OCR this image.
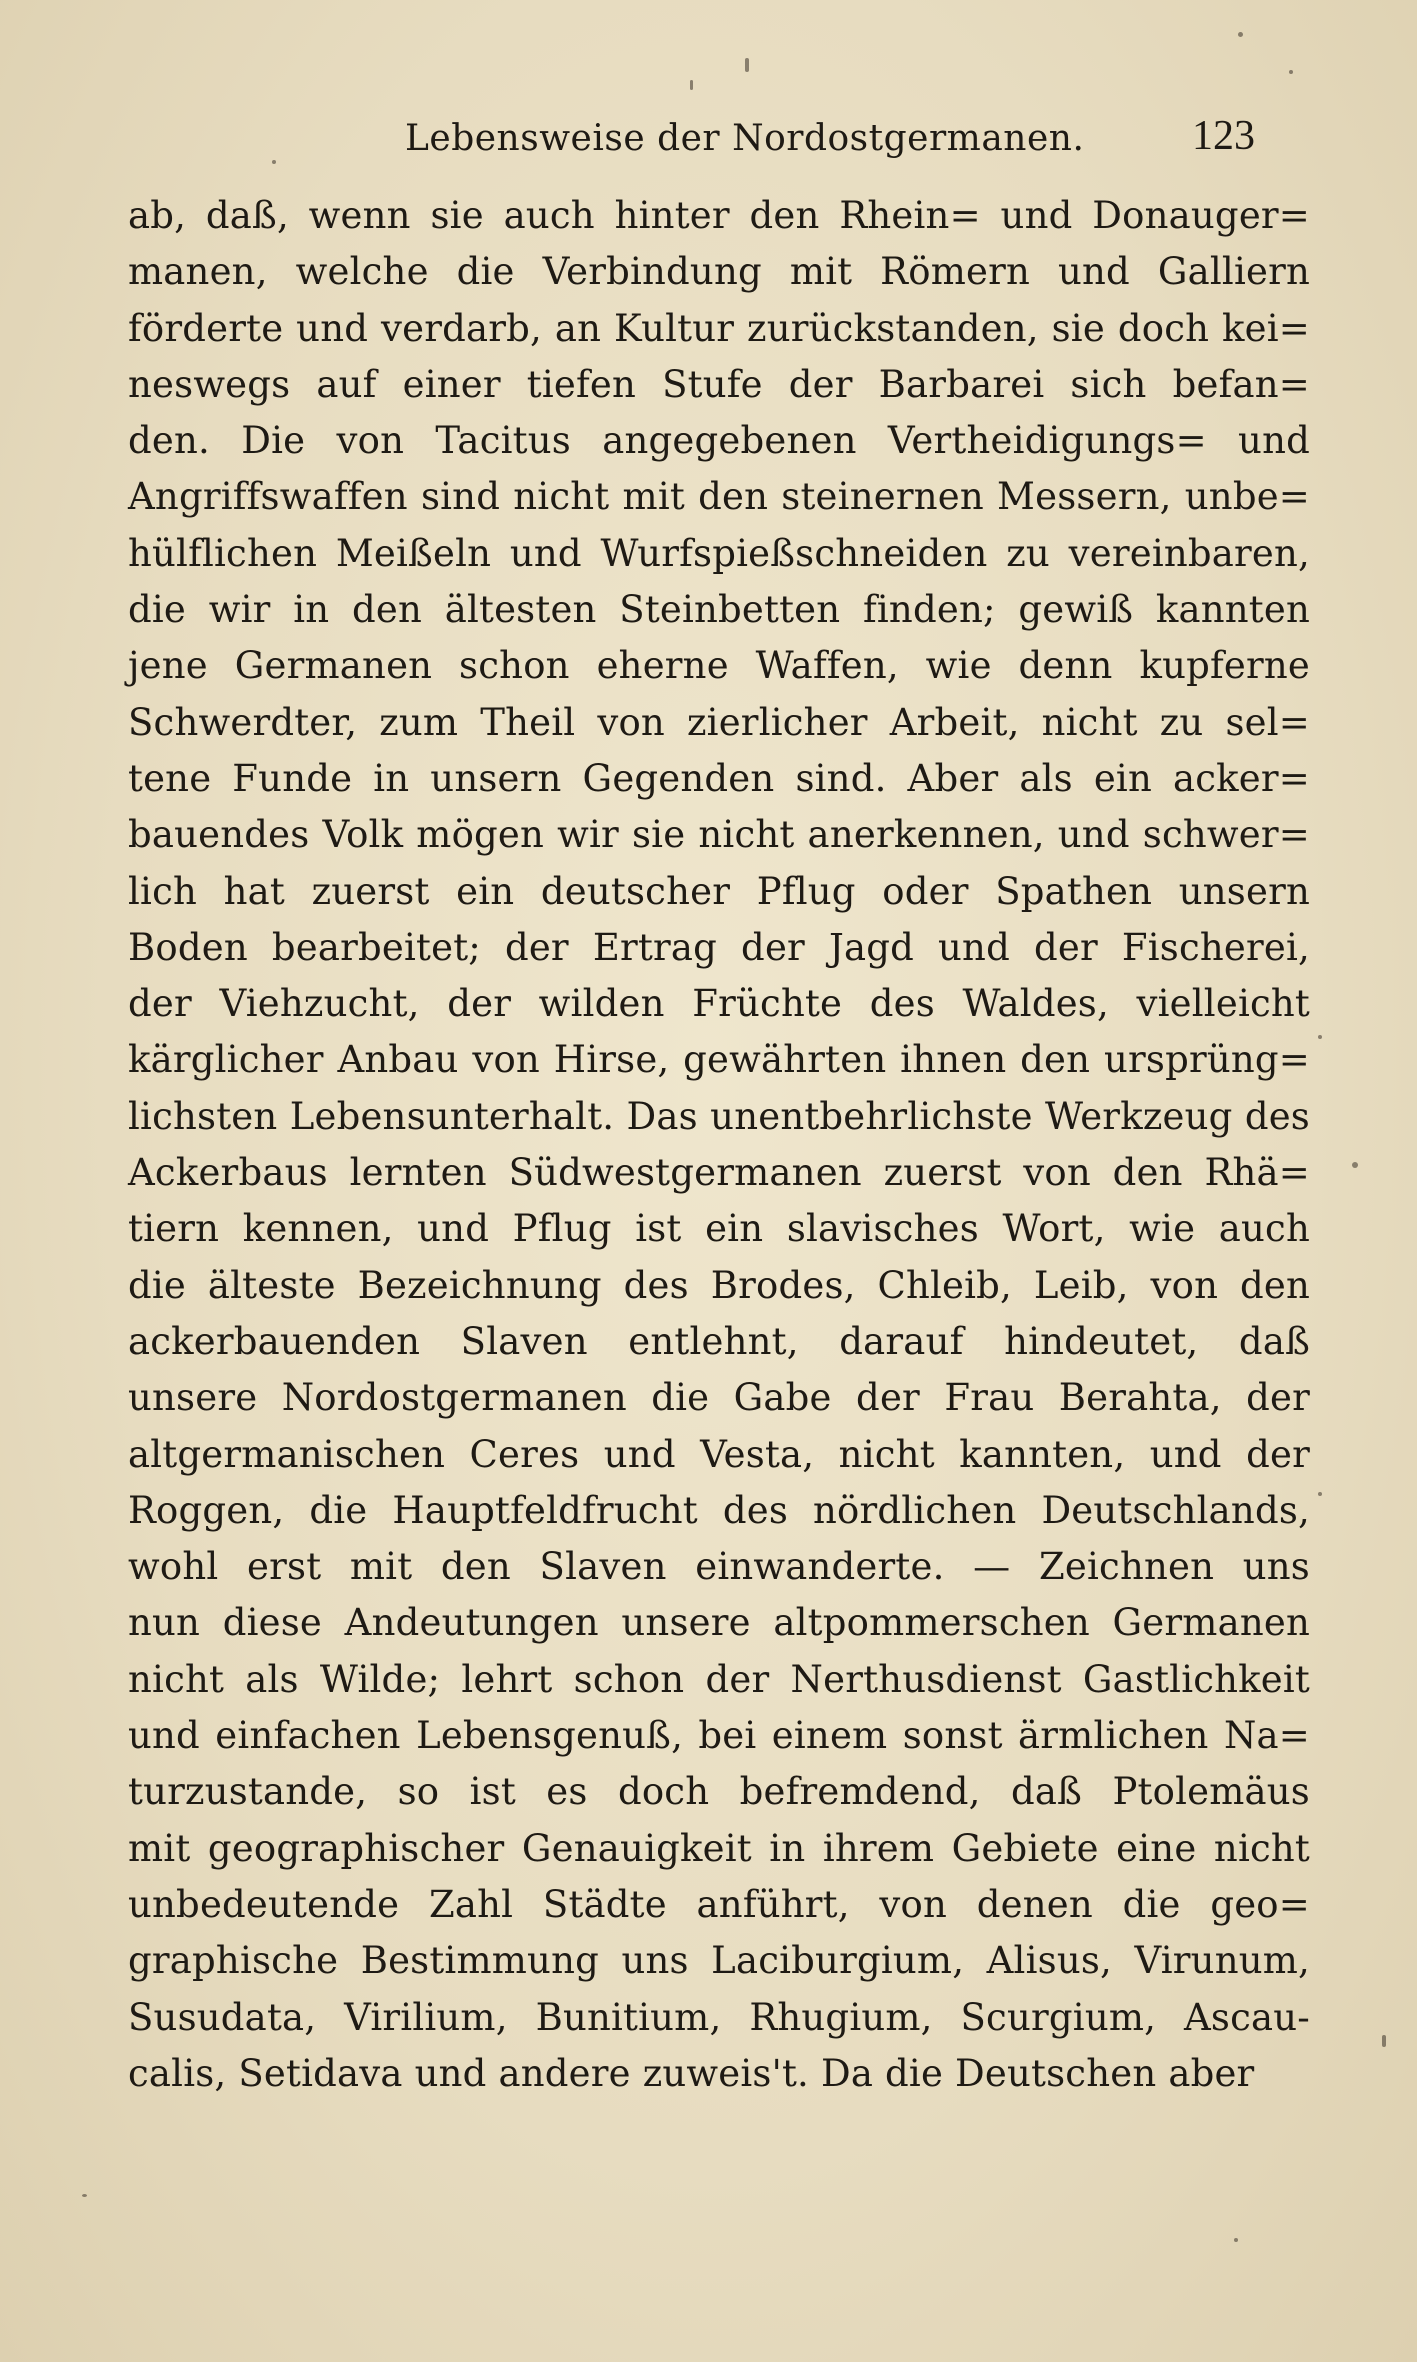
Lebensweise der Nordostgermanen.	123
ab, daß, wenn sie auch hinter den Rhein= und Donauger=
manen, welche die Verbindung mit Römern und Galliern
förderte und verdarb, an Kultur zurückstanden, sie doch kei=
neswegs auf einer tiefen Stufe der Barbarei sich befan=
den. Die von Tacitus angegebenen Vertheidigungs= und
Angriffswaffen sind nicht mit den steinernen Messern, unbe=
hülflichen Meißeln und Wurfspießschneiden zu vereinbaren,
die wir in den ältesten Steinbetten finden; gewiß kannten
jene Germanen schon eherne Waffen, wie denn kupferne
Schwerdter, zum Theil von zierlicher Arbeit, nicht zu sel=
tene Funde in unsern Gegenden sind. Aber als ein acker=
bauendes Volk mögen wir sie nicht anerkennen, und schwer=
lich hat zuerst ein deutscher Pflug oder Spathen unsern
Boden bearbeitet; der Ertrag der Jagd und der Fischerei,
der Viehzucht, der wilden Früchte des Waldes, vielleicht
kärglicher Anbau von Hirse, gewährten ihnen den ursprüng=
lichsten Lebensunterhalt. Das unentbehrlichste Werkzeug des
Ackerbaus lernten Südwestgermanen zuerst von den Rhä=
tiern kennen, und Pflug ist ein slavisches Wort, wie auch
die älteste Bezeichnung des Brodes, Chleib, Leib, von den
ackerbauenden Slaven entlehnt, darauf hindeutet, daß
unsere Nordostgermanen die Gabe der Frau Berahta, der
altgermanischen Ceres und Vesta, nicht kannten, und der
Roggen, die Hauptfeldfrucht des nördlichen Deutschlands,
wohl erst mit den Slaven einwanderte. — Zeichnen uns
nun diese Andeutungen unsere altpommerschen Germanen
nicht als Wilde; lehrt schon der Nerthusdienst Gastlichkeit
und einfachen Lebensgenuß, bei einem sonst ärmlichen Na=
turzustande, so ist es doch befremdend, daß Ptolemäus
mit geographischer Genauigkeit in ihrem Gebiete eine nicht
unbedeutende Zahl Städte anführt, von denen die geo=
graphische Bestimmung uns Laciburgium, Alisus, Virunum,
Susudata, Virilium, Bunitium, Rhugium, Scurgium, Ascau-
calis, Setidava und andere zuweis't. Da die Deutschen aber
